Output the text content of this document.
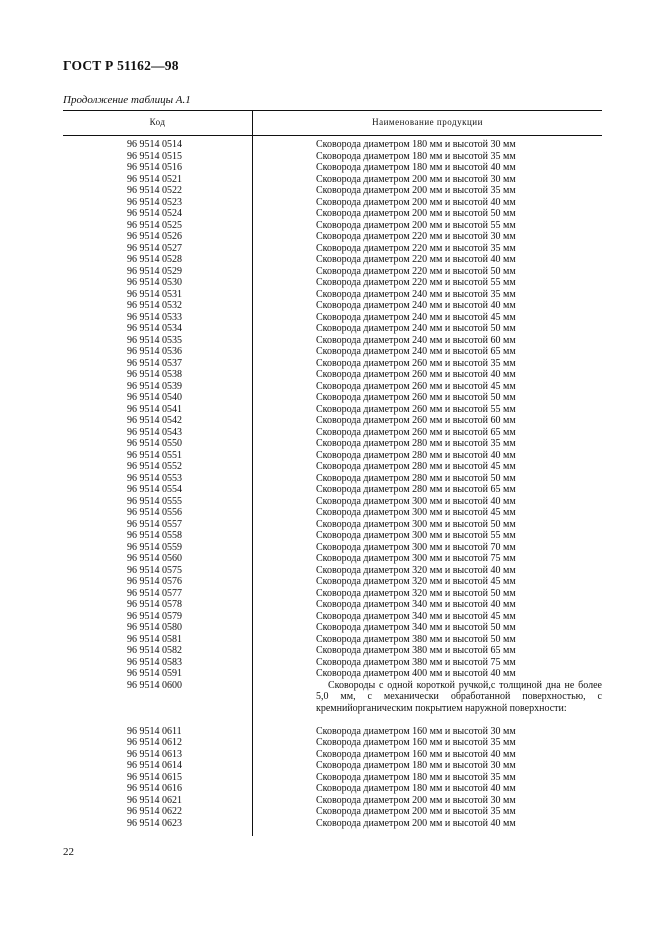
ГОСТ Р 51162—98
Продолжение таблицы А.1
Код	Наименование продукции
96 9514 0514	Сковорода диаметром 180 мм и высотой 30 мм
96 9514 0515	Сковорода диаметром 180 мм и высотой 35 мм
96 9514 0516	Сковорода диаметром 180 мм и высотой 40 мм
96 9514 0521	Сковорода диаметром 200 мм и высотой 30 мм
96 9514 0522	Сковорода диаметром 200 мм и высотой 35 мм
96 9514 0523	Сковорода диаметром 200 мм и высотой 40 мм
96 9514 0524	Сковорода диаметром 200 мм и высотой 50 мм
96 9514 0525	Сковорода диаметром 200 мм и высотой 55 мм
96 9514 0526	Сковорода диаметром 220 мм и высотой 30 мм
96 9514 0527	Сковорода диаметром 220 мм и высотой 35 мм
96 9514 0528	Сковорода диаметром 220 мм и высотой 40 мм
96 9514 0529	Сковорода диаметром 220 мм и высотой 50 мм
96 9514 0530	Сковорода диаметром 220 мм и высотой 55 мм
96 9514 0531	Сковорода диаметром 240 мм и высотой 35 мм
96 9514 0532	Сковорода диаметром 240 мм и высотой 40 мм
96 9514 0533	Сковорода диаметром 240 мм и высотой 45 мм
96 9514 0534	Сковорода диаметром 240 мм и высотой 50 мм
96 9514 0535	Сковорода диаметром 240 мм и высотой 60 мм
96 9514 0536	Сковорода диаметром 240 мм и высотой 65 мм
96 9514 0537	Сковорода диаметром 260 мм и высотой 35 мм
96 9514 0538	Сковорода диаметром 260 мм и высотой 40 мм
96 9514 0539	Сковорода диаметром 260 мм и высотой 45 мм
96 9514 0540	Сковорода диаметром 260 мм и высотой 50 мм
96 9514 0541	Сковорода диаметром 260 мм и высотой 55 мм
96 9514 0542	Сковорода диаметром 260 мм и высотой 60 мм
96 9514 0543	Сковорода диаметром 260 мм и высотой 65 мм
96 9514 0550	Сковорода диаметром 280 мм и высотой 35 мм
96 9514 0551	Сковорода диаметром 280 мм и высотой 40 мм
96 9514 0552	Сковорода диаметром 280 мм и высотой 45 мм
96 9514 0553	Сковорода диаметром 280 мм и высотой 50 мм
96 9514 0554	Сковорода диаметром 280 мм и высотой 65 мм
96 9514 0555	Сковорода диаметром 300 мм и высотой 40 мм
96 9514 0556	Сковорода диаметром 300 мм и высотой 45 мм
96 9514 0557	Сковорода диаметром 300 мм и высотой 50 мм
96 9514 0558	Сковорода диаметром 300 мм и высотой 55 мм
96 9514 0559	Сковорода диаметром 300 мм и высотой 70 мм
96 9514 0560	Сковорода диаметром 300 мм и высотой 75 мм
96 9514 0575	Сковорода диаметром 320 мм и высотой 40 мм
96 9514 0576	Сковорода диаметром 320 мм и высотой 45 мм
96 9514 0577	Сковорода диаметром 320 мм и высотой 50 мм
96 9514 0578	Сковорода диаметром 340 мм и высотой 40 мм
96 9514 0579	Сковорода диаметром 340 мм и высотой 45 мм
96 9514 0580	Сковорода диаметром 340 мм и высотой 50 мм
96 9514 0581	Сковорода диаметром 380 мм и высотой 50 мм
96 9514 0582	Сковорода диаметром 380 мм и высотой 65 мм
96 9514 0583	Сковорода диаметром 380 мм и высотой 75 мм
96 9514 0591	Сковорода диаметром 400 мм и высотой 40 мм
96 9514 0600	Сковороды с одной короткой ручкой,с толщиной дна не более 5,0 мм, с механически обработанной поверхностью, с кремнийорганическим покрытием наружной поверхности:
96 9514 0611	Сковорода диаметром 160 мм и высотой 30 мм
96 9514 0612	Сковорода диаметром 160 мм и высотой 35 мм
96 9514 0613	Сковорода диаметром 160 мм и высотой 40 мм
96 9514 0614	Сковорода диаметром 180 мм и высотой 30 мм
96 9514 0615	Сковорода диаметром 180 мм и высотой 35 мм
96 9514 0616	Сковорода диаметром 180 мм и высотой 40 мм
96 9514 0621	Сковорода диаметром 200 мм и высотой 30 мм
96 9514 0622	Сковорода диаметром 200 мм и высотой 35 мм
96 9514 0623	Сковорода диаметром 200 мм и высотой 40 мм
22
